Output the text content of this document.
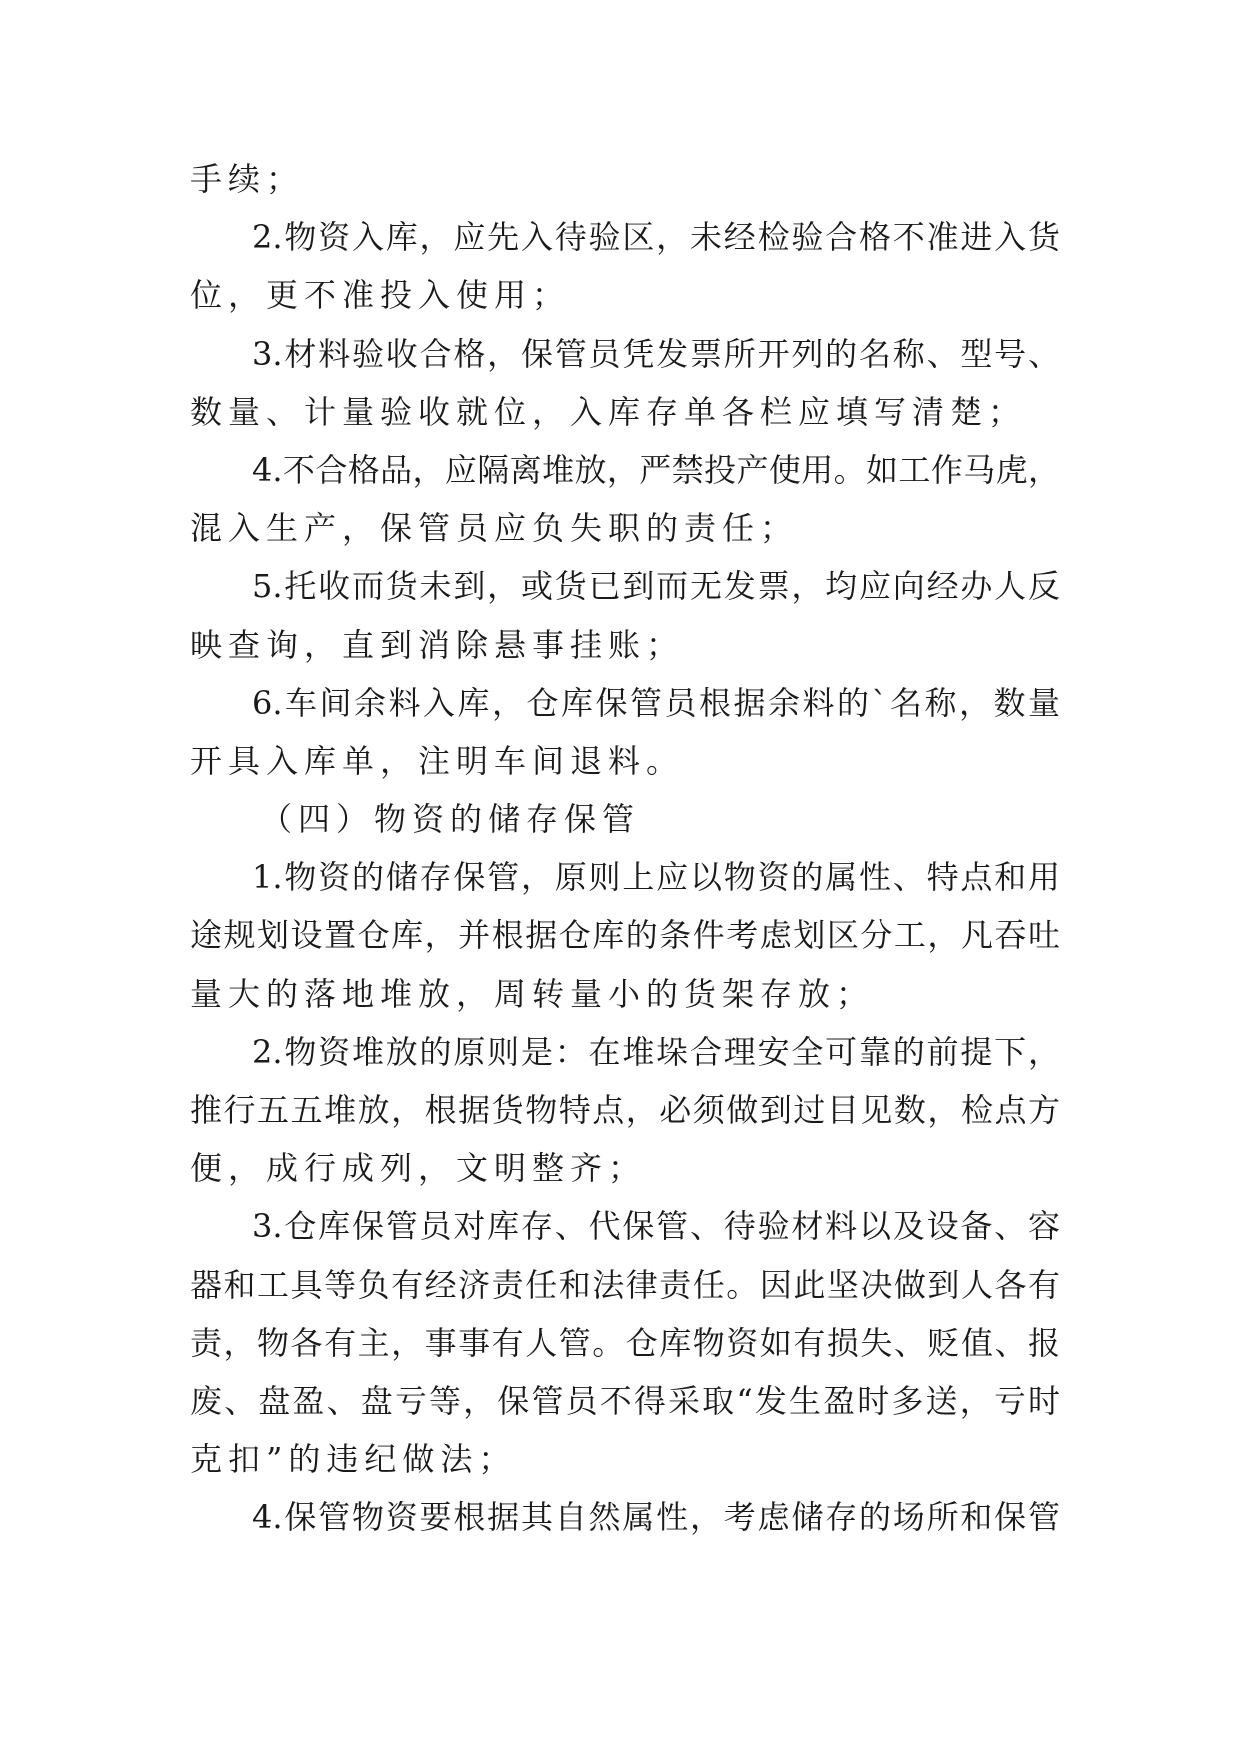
手续；
2.物资入库，应先入待验区，未经检验合格不准进入货
位，更不准投入使用；
3.材料验收合格，保管员凭发票所开列的名称、型号、
数量、计量验收就位，入库存单各栏应填写清楚；
4.不合格品，应隔离堆放，严禁投产使用。如工作马虎，
混入生产，保管员应负失职的责任；
5.托收而货未到，或货已到而无发票，均应向经办人反
映查询，直到消除悬事挂账；
6.车间余料入库，仓库保管员根据余料的`名称，数量
开具入库单，注明车间退料。
（四）物资的储存保管
1.物资的储存保管，原则上应以物资的属性、特点和用
途规划设置仓库，并根据仓库的条件考虑划区分工，凡吞吐
量大的落地堆放，周转量小的货架存放；
2.物资堆放的原则是：在堆垛合理安全可靠的前提下，
推行五五堆放，根据货物特点，必须做到过目见数，检点方
便，成行成列，文明整齐；
3.仓库保管员对库存、代保管、待验材料以及设备、容
器和工具等负有经济责任和法律责任。因此坚决做到人各有
责，物各有主，事事有人管。仓库物资如有损失、贬值、报
废、盘盈、盘亏等，保管员不得采取“发生盈时多送，亏时
克扣”的违纪做法；
4.保管物资要根据其自然属性，考虑储存的场所和保管
